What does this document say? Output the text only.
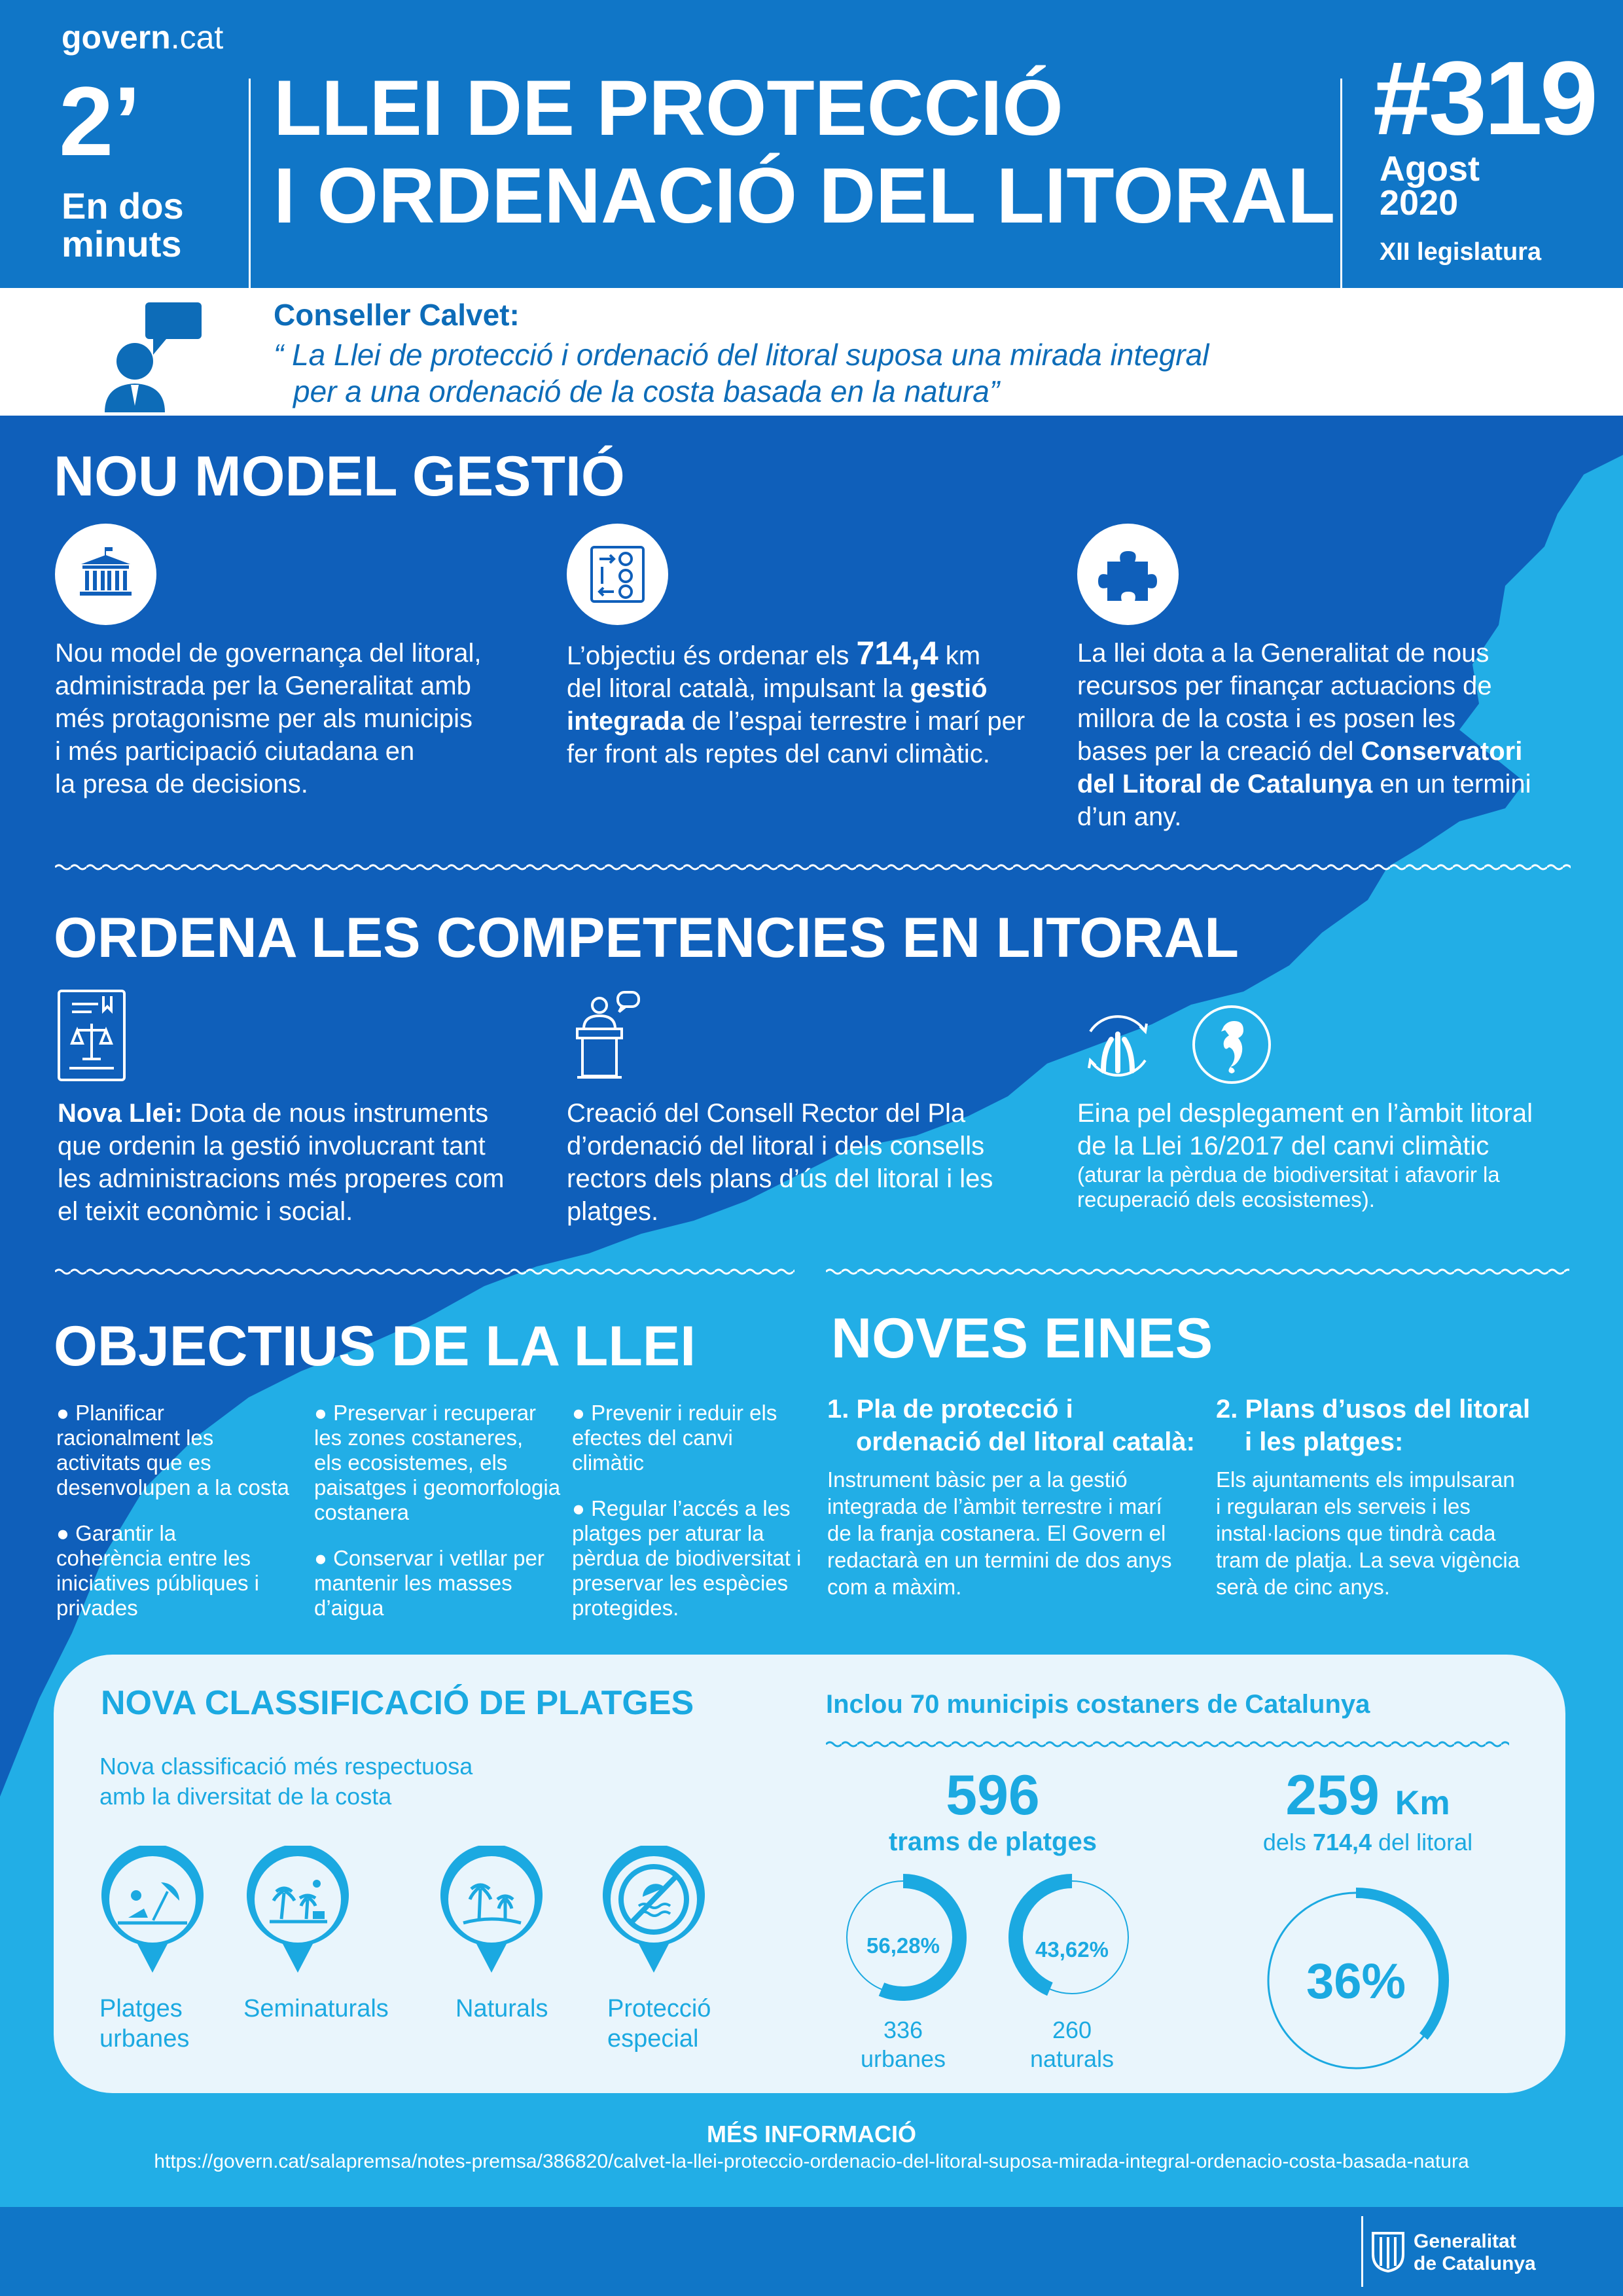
govern.cat
2’
En dos
minuts
LLEI DE PROTECCIÓ
I ORDENACIÓ DEL LITORAL
#319
Agost
2020
XII legislatura
Conseller Calvet:
“ La Llei de protecció i ordenació del litoral suposa una mirada integral
per a una ordenació de la costa basada en la natura”
NOU MODEL GESTIÓ
Nou model de governança del litoral,
administrada per la Generalitat amb
més protagonisme per als municipis
i més participació ciutadana en
la presa de decisions.
L’objectiu és ordenar els 714,4 km
del litoral català, impulsant la gestió
integrada de l’espai terrestre i marí per
fer front als reptes del canvi climàtic.
La llei dota a la Generalitat de nous
recursos per finançar actuacions de
millora de la costa i es posen les
bases per la creació del Conservatori
del Litoral de Catalunya en un termini
d’un any.
ORDENA LES COMPETENCIES EN LITORAL
Nova Llei: Dota de nous instruments
que ordenin la gestió involucrant tant
les administracions més properes com
el teixit econòmic i social.
Creació del Consell Rector del Pla
d’ordenació del litoral i dels consells
rectors dels plans d’ús del litoral i les
platges.
Eina pel desplegament en l’àmbit litoral
de la Llei 16/2017 del canvi climàtic
(aturar la pèrdua de biodiversitat i afavorir la
recuperació dels ecosistemes).
OBJECTIUS DE LA LLEI
● Planificar
racionalment les
activitats que es
desenvolupen a la costa
● Garantir la
coherència entre les
iniciatives públiques i
privades
● Preservar i recuperar
les zones costaneres,
els ecosistemes, els
paisatges i geomorfologia
costanera
● Conservar i vetllar per
mantenir les masses
d’aigua
● Prevenir i reduir els
efectes del canvi
climàtic
● Regular l’accés a les
platges per aturar la
pèrdua de biodiversitat i
preservar les espècies
protegides.
NOVES EINES
1. Pla de protecció i
ordenació del litoral català:
Instrument bàsic per a la gestió
integrada de l’àmbit terrestre i marí
de la franja costanera. El Govern el
redactarà en un termini de dos anys
com a màxim.
2. Plans d’usos del litoral
i les platges:
Els ajuntaments els impulsaran
i regularan els serveis i les
instal·lacions que tindrà cada
tram de platja. La seva vigència
serà de cinc anys.
NOVA CLASSIFICACIÓ DE PLATGES
Nova classificació més respectuosa
amb la diversitat de la costa
Platges
urbanes
Seminaturals	Naturals Protecció
especial
Inclou 70 municipis costaners de Catalunya
596
trams de platges
56,28%
336
urbanes
43,62%
260
naturals
259 Km
dels 714,4 del litoral
36%
MÉS INFORMACIÓ
https://govern.cat/salapremsa/notes-premsa/386820/calvet-la-llei-proteccio-ordenacio-del-litoral-suposa-mirada-integral-ordenacio-costa-basada-natura
Generalitat
de Catalunya
